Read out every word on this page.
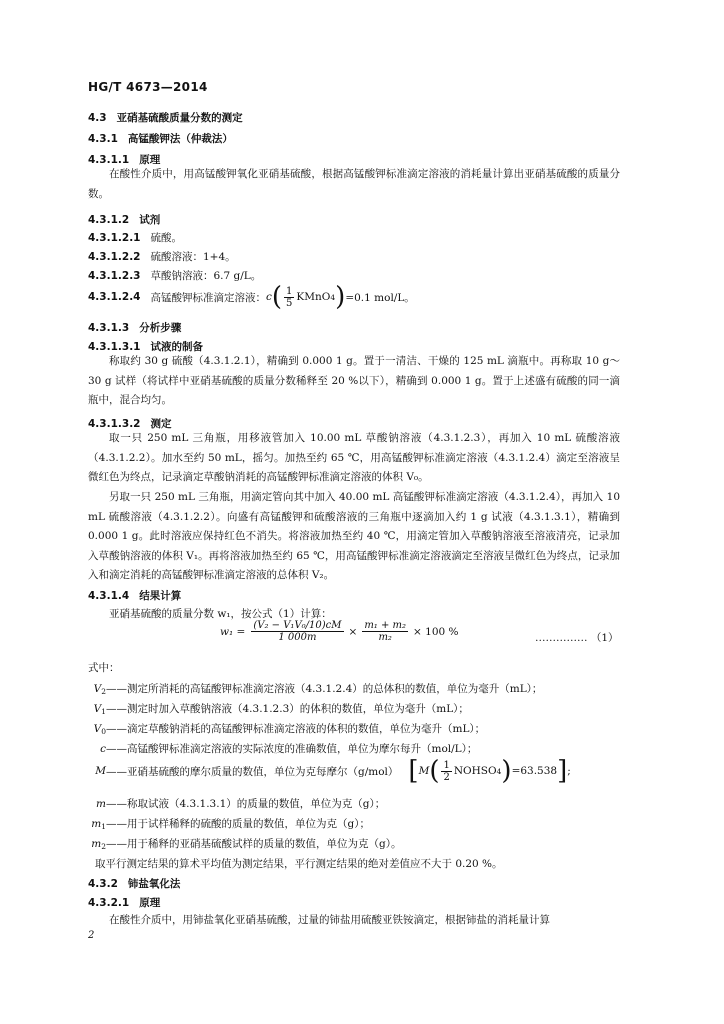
HG/T 4673—2014
4.3 亚硝基硫酸质量分数的测定
4.3.1 高锰酸钾法（仲裁法）
4.3.1.1 原理
在酸性介质中，用高锰酸钾氧化亚硝基硫酸，根据高锰酸钾标准滴定溶液的消耗量计算出亚硝基硫酸的质量分数。
4.3.1.2 试剂
4.3.1.2.1 硫酸。
4.3.1.2.2 硫酸溶液：1+4。
4.3.1.2.3 草酸钠溶液：6.7 g/L。
4.3.1.2.4 高锰酸钾标准滴定溶液： c ( $\frac{1}{5}$ KMnO 4 ) =0.1 mol/L。
4.3.1.3 分析步骤
4.3.1.3.1 试液的制备
称取约 30 g 硫酸（4.3.1.2.1），精确到 0.000 1 g。置于一清洁、干燥的 125 mL 滴瓶中。再称取 10 g～30 g 试样（将试样中亚硝基硫酸的质量分数稀释至 20 %以下），精确到 0.000 1 g。置于上述盛有硫酸的同一滴瓶中，混合均匀。
4.3.1.3.2 测定
取一只 250 mL 三角瓶，用移液管加入 10.00 mL 草酸钠溶液（4.3.1.2.3），再加入 10 mL 硫酸溶液（4.3.1.2.2）。加水至约 50 mL，摇匀。加热至约 65 ℃，用高锰酸钾标准滴定溶液（4.3.1.2.4）滴定至溶液呈微红色为终点，记录滴定草酸钠消耗的高锰酸钾标准滴定溶液的体积 V₀。
另取一只 250 mL 三角瓶，用滴定管向其中加入 40.00 mL 高锰酸钾标准滴定溶液（4.3.1.2.4），再加入 10 mL 硫酸溶液（4.3.1.2.2）。向盛有高锰酸钾和硫酸溶液的三角瓶中逐滴加入约 1 g 试液（4.3.1.3.1），精确到 0.000 1 g。此时溶液应保持红色不消失。将溶液加热至约 40 ℃，用滴定管加入草酸钠溶液至溶液清亮，记录加入草酸钠溶液的体积 V₁。再将溶液加热至约 65 ℃，用高锰酸钾标准滴定溶液滴定至溶液呈微红色为终点，记录加入和滴定消耗的高锰酸钾标准滴定溶液的总体积 V₂。
4.3.1.4 结果计算
亚硝基硫酸的质量分数 w₁，按公式（1）计算：
$w_1 = \frac{\text{(V₂ − V₁V₀/10)cM}}{1 000m} \times \frac{\text{m₁ + m₂}}{\text{m₂}} \times 100$ %
…………… （1）
式中：
$V_2——$测定所消耗的高锰酸钾标准滴定溶液（4.3.1.2.4）的总体积的数值，单位为毫升（mL）；
$V_1——$测定时加入草酸钠溶液（4.3.1.2.3）的体积的数值，单位为毫升（mL）；
$V_0——$滴定草酸钠消耗的高锰酸钾标准滴定溶液的体积的数值，单位为毫升（mL）；
c——高锰酸钾标准滴定溶液的实际浓度的准确数值，单位为摩尔每升（mol/L）；
M ——亚硝基硫酸的摩尔质量的数值，单位为克每摩尔（g/mol） [ M ( $\frac{1}{2}$ NOHSO 4 ) =63.538 ] ;
m——称取试液（4.3.1.3.1）的质量的数值，单位为克（g）；
$m_1——$用于试样稀释的硫酸的质量的数值，单位为克（g）；
$m_2——$用于稀释的亚硝基硫酸试样的质量的数值，单位为克（g）。
取平行测定结果的算术平均值为测定结果，平行测定结果的绝对差值应不大于 0.20 %。
4.3.2 铈盐氧化法
4.3.2.1 原理
在酸性介质中，用铈盐氧化亚硝基硫酸，过量的铈盐用硫酸亚铁铵滴定，根据铈盐的消耗量计算
2
